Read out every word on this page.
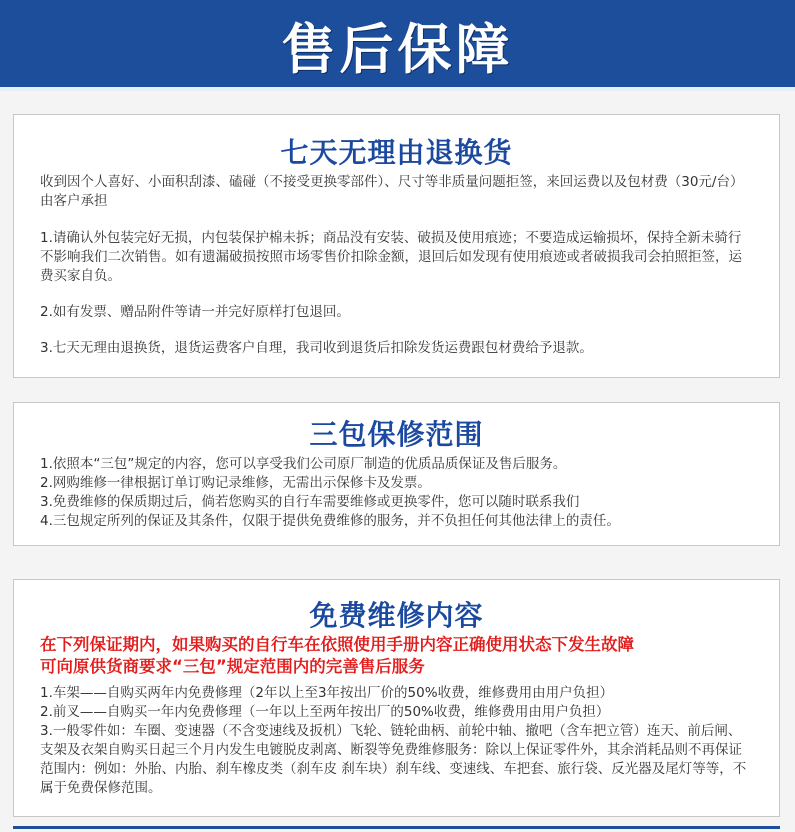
售后保障
七天无理由退换货

收到因个人喜好、小面积刮漆、磕碰（不接受更换零部件）、尺寸等非质量问题拒签，来回运费以及包材费（30元/台）由客户承担

1.请确认外包装完好无损，内包装保护棉未拆；商品没有安装、破损及使用痕迹；不要造成运输损坏，保持全新未骑行不影响我们二次销售。如有遗漏破损按照市场零售价扣除金额，退回后如发现有使用痕迹或者破损我司会拍照拒签，运费买家自负。

2.如有发票、赠品附件等请一并完好原样打包退回。

3.七天无理由退换货，退货运费客户自理，我司收到退货后扣除发货运费跟包材费给予退款。

三包保修范围

1.依照本“三包”规定的内容，您可以享受我们公司原厂制造的优质品质保证及售后服务。

2.网购维修一律根据订单订购记录维修，无需出示保修卡及发票。

3.免费维修的保质期过后，倘若您购买的自行车需要维修或更换零件，您可以随时联系我们

4.三包规定所列的保证及其条件，仅限于提供免费维修的服务，并不负担任何其他法律上的责任。

免费维修内容

在下列保证期内，如果购买的自行车在依照使用手册内容正确使用状态下发生故障

可向原供货商要求“三包”规定范围内的完善售后服务

1.车架——自购买两年内免费修理（2年以上至3年按出厂价的50%收费，维修费用由用户负担）

2.前叉——自购买一年内免费修理（一年以上至两年按出厂的50%收费，维修费用由用户负担）

3.一般零件如：车圈、变速器（不含变速线及扳机）飞轮、链轮曲柄、前轮中轴、撤吧（含车把立管）连天、前后闸、支架及衣架自购买日起三个月内发生电镀脱皮剥离、断裂等免费维修服务：除以上保证零件外，其余消耗品则不再保证范围内：例如：外胎、内胎、刹车橡皮类（刹车皮 刹车块）刹车线、变速线、车把套、旅行袋、反光器及尾灯等等，不属于免费保修范围。
